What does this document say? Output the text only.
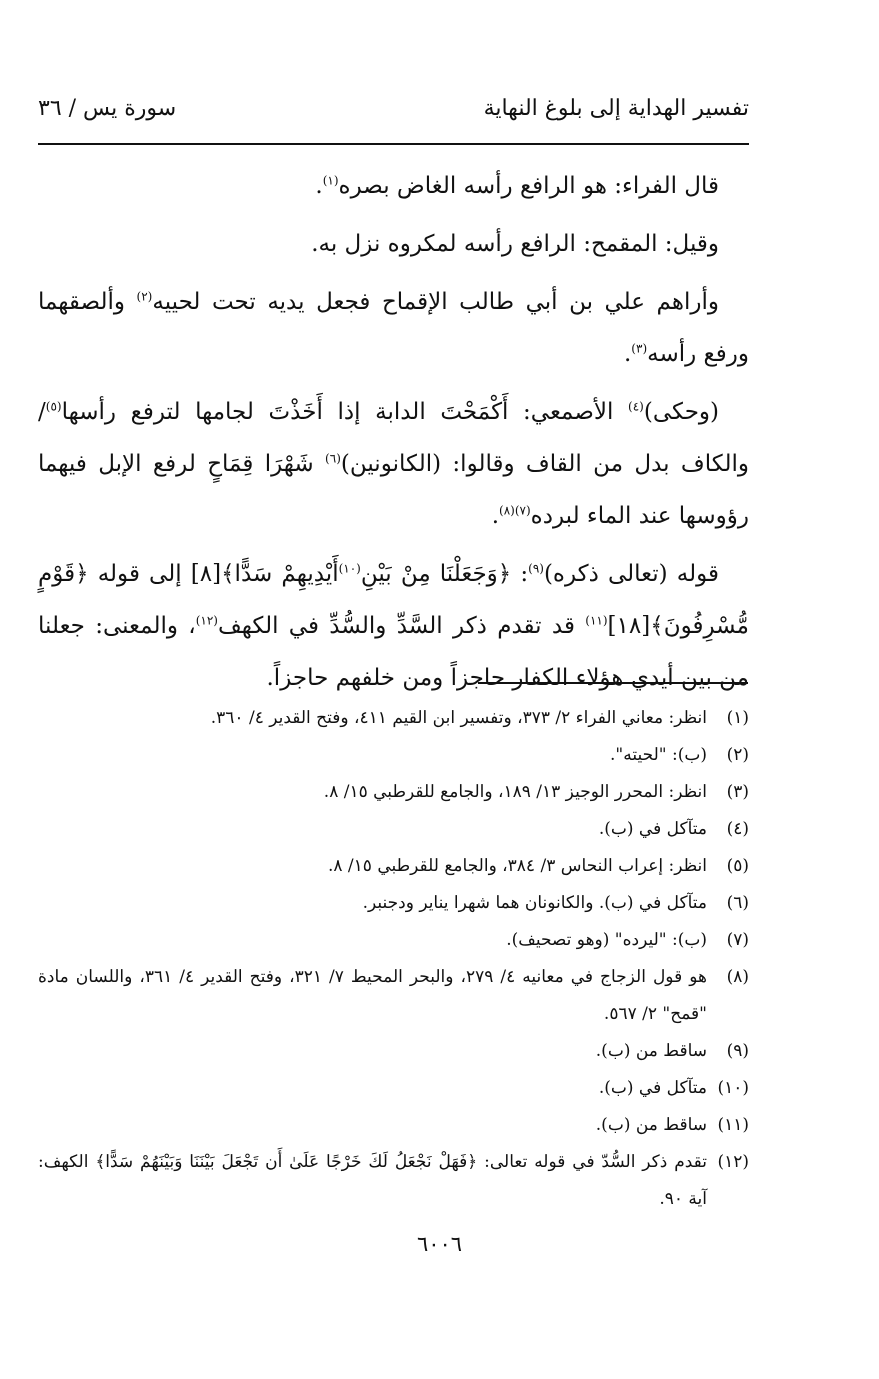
تفسير الهداية إلى بلوغ النهاية
سورة يس / ٣٦

قال الفراء: هو الرافع رأسه الغاض بصره$^{(١)}$.

وقيل: المقمح: الرافع رأسه لمكروه نزل به.

وأراهم علي بن أبي طالب الإقماح فجعل يديه تحت لحييه$^{(٢)}$ وألصقهما ورفع رأسه$^{(٣)}$.

(وحكى)$^{(٤)}$ الأصمعي: أَكْمَحْتَ الدابة إذا أَخَذْتَ لجامها لترفع رأسها$^{(٥)}$/ والكاف بدل من القاف وقالوا: (الكانونين)$^{(٦)}$ شَهْرَا قِمَاحٍ لرفع الإبل فيهما رؤوسها عند الماء لبرده$^{(٧)(٨)}$.

قوله (تعالى ذكره)$^{(٩)}$: ﴿وَجَعَلْنَا مِنْ بَيْنِ$^{(١٠)}$أَيْدِيهِمْ سَدًّا﴾[٨] إلى قوله ﴿قَوْمٍ مُّسْرِفُونَ﴾[١٨]$^{(١١)}$ قد تقدم ذكر السَّدِّ والسُّدِّ في الكهف$^{(١٢)}$، والمعنى: جعلنا من بين أيدي هؤلاء الكفار حاجزاً ومن خلفهم حاجزاً.

(١)
انظر: معاني الفراء ٢/ ٣٧٣، وتفسير ابن القيم ٤١١، وفتح القدير ٤/ ٣٦٠.
(٢)
(ب): "لحيته".
(٣)
انظر: المحرر الوجيز ١٣/ ١٨٩، والجامع للقرطبي ١٥/ ٨.
(٤)
متآكل في (ب).
(٥)
انظر: إعراب النحاس ٣/ ٣٨٤، والجامع للقرطبي ١٥/ ٨.
(٦)
متآكل في (ب). والكانونان هما شهرا يناير ودجنبر.
(٧)
(ب): "ليرده" (وهو تصحيف).
(٨)
هو قول الزجاج في معانيه ٤/ ٢٧٩، والبحر المحيط ٧/ ٣٢١، وفتح القدير ٤/ ٣٦١، واللسان مادة "قمح" ٢/ ٥٦٧.
(٩)
ساقط من (ب).
(١٠)
متآكل في (ب).
(١١)
ساقط من (ب).
(١٢)
تقدم ذكر السُّدّ في قوله تعالى: ﴿فَهَلْ نَجْعَلُ لَكَ خَرْجًا عَلَىٰ أَن تَجْعَلَ بَيْنَنَا وَبَيْنَهُمْ سَدًّا﴾ الكهف: آية ٩٠.
٦٠٠٦
